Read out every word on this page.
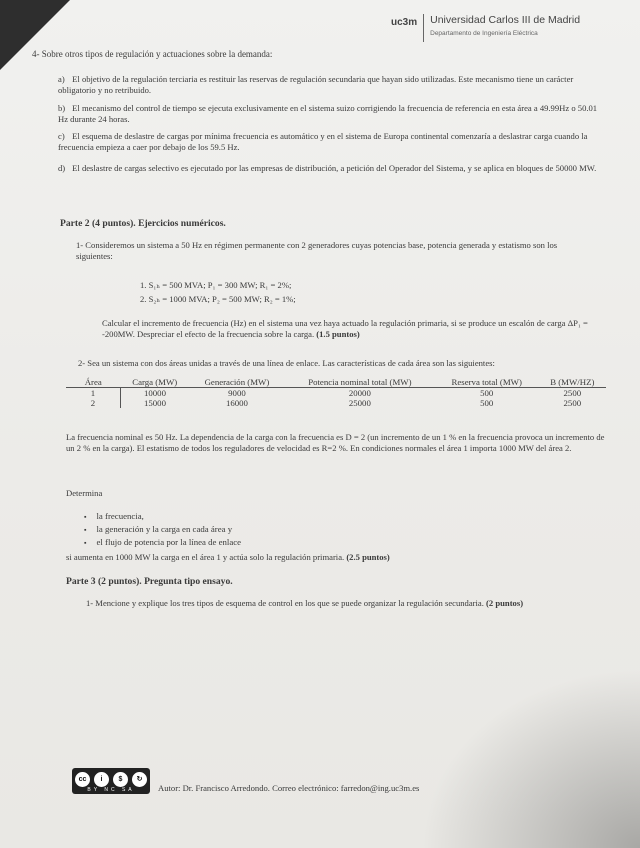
uc3m Universidad Carlos III de Madrid
Departamento de Ingeniería Eléctrica
4- Sobre otros tipos de regulación y actuaciones sobre la demanda:
a) El objetivo de la regulación terciaria es restituir las reservas de regulación secundaria que hayan sido utilizadas. Este mecanismo tiene un carácter obligatorio y no retribuido.
b) El mecanismo del control de tiempo se ejecuta exclusivamente en el sistema suizo corrigiendo la frecuencia de referencia en esta área a 49.99Hz o 50.01 Hz durante 24 horas.
c) El esquema de deslastre de cargas por mínima frecuencia es automático y en el sistema de Europa continental comenzaría a deslastrar carga cuando la frecuencia empieza a caer por debajo de los 59.5 Hz.
d) El deslastre de cargas selectivo es ejecutado por las empresas de distribución, a petición del Operador del Sistema, y se aplica en bloques de 50000 MW.
Parte 2 (4 puntos). Ejercicios numéricos.
1- Consideremos un sistema a 50 Hz en régimen permanente con 2 generadores cuyas potencias base, potencia generada y estatismo son los siguientes:
1. S₁ₕ = 500 MVA; P₁ = 300 MW; R₁ = 2%;
2. S₂ₕ = 1000 MVA; P₂ = 500 MW; R₂ = 1%;
Calcular el incremento de frecuencia (Hz) en el sistema una vez haya actuado la regulación primaria, si se produce un escalón de carga ΔP₁ = -200MW. Despreciar el efecto de la frecuencia sobre la carga. (1.5 puntos)
2- Sea un sistema con dos áreas unidas a través de una línea de enlace. Las características de cada área son las siguientes:
Área	Carga (MW)	Generación (MW)	Potencia nominal total (MW)	Reserva total (MW)	B (MW/HZ)
1	10000	9000	20000	500	2500
2	15000	16000	25000	500	2500
La frecuencia nominal es 50 Hz. La dependencia de la carga con la frecuencia es D = 2 (un incremento de un 1 % en la frecuencia provoca un incremento de un 2 % en la carga). El estatismo de todos los reguladores de velocidad es R=2 %. En condiciones normales el área 1 importa 1000 MW del área 2.
Determina
▪ la frecuencia,
▪ la generación y la carga en cada área y
▪ el flujo de potencia por la línea de enlace
si aumenta en 1000 MW la carga en el área 1 y actúa solo la regulación primaria. (2.5 puntos)
Parte 3 (2 puntos). Pregunta tipo ensayo.
1- Mencione y explique los tres tipos de esquema de control en los que se puede organizar la regulación secundaria. (2 puntos)
cc	i	$	↻
BY NC SA	Autor: Dr. Francisco Arredondo. Correo electrónico: farredon@ing.uc3m.es
